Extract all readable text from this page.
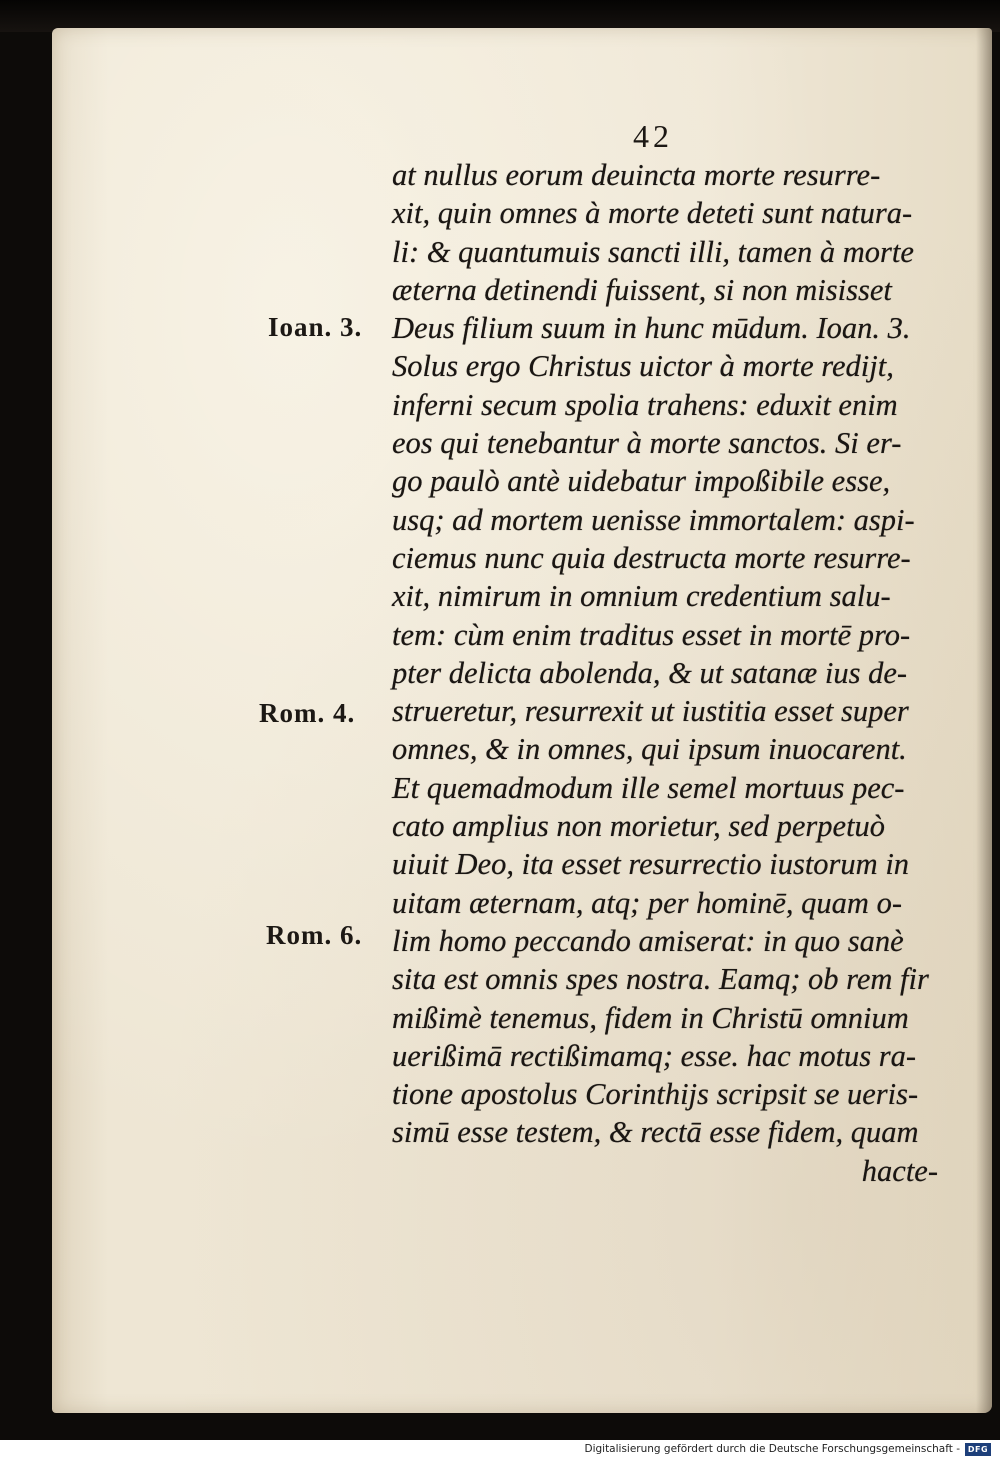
42
Ioan. 3.
Rom. 4.
Rom. 6.
at nullus eorum deuincta morte resurre-
xit, quin omnes à morte deteti sunt natura-
li: & quantumuis sancti illi, tamen à morte
æterna detinendi fuissent, si non misisset
Deus filium suum in hunc mūdum. Ioan. 3.
Solus ergo Christus uictor à morte redijt,
inferni secum spolia trahens: eduxit enim
eos qui tenebantur à morte sanctos. Si er-
go paulò antè uidebatur impoßibile esse,
usq; ad mortem uenisse immortalem: aspi-
ciemus nunc quia destructa morte resurre-
xit, nimirum in omnium credentium salu-
tem: cùm enim traditus esset in mortē pro-
pter delicta abolenda, & ut satanæ ius de-
strueretur, resurrexit ut iustitia esset super
omnes, & in omnes, qui ipsum inuocarent.
Et quemadmodum ille semel mortuus pec-
cato amplius non morietur, sed perpetuò
uiuit Deo, ita esset resurrectio iustorum in
uitam æternam, atq; per hominē, quam o-
lim homo peccando amiserat: in quo sanè
sita est omnis spes nostra. Eamq; ob rem fir
mißimè tenemus, fidem in Christū omnium
uerißimā rectißimamq; esse. hac motus ra-
tione apostolus Corinthijs scripsit se ueris-
simū esse testem, & rectā esse fidem, quam
hacte-
Digitalisierung gefördert durch die Deutsche Forschungsgemeinschaft - DFG
